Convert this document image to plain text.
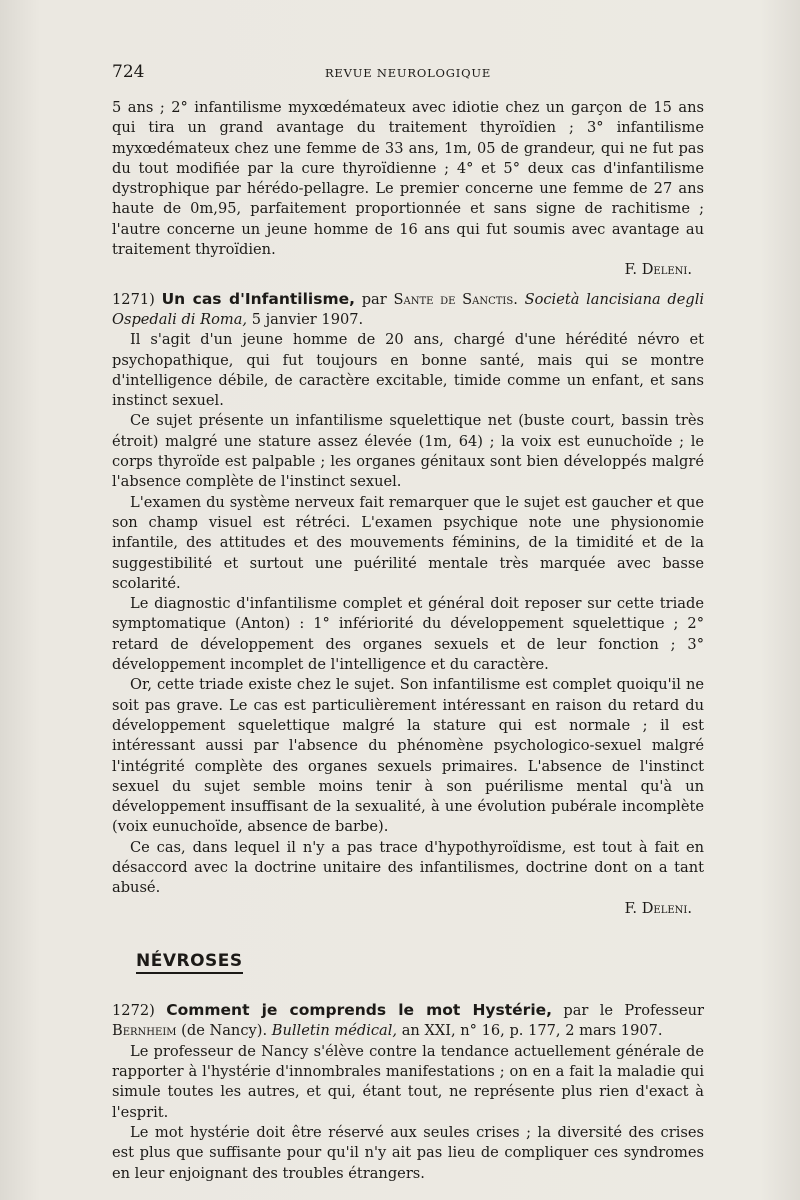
724	REVUE NEUROLOGIQUE

5 ans ; 2° infantilisme myxœdémateux avec idiotie chez un garçon de 15 ans qui tira un grand avantage du traitement thyroïdien ; 3° infantilisme myxœdémateux chez une femme de 33 ans, 1m, 05 de grandeur, qui ne fut pas du tout modifiée par la cure thyroïdienne ; 4° et 5° deux cas d'infantilisme dystrophique par hérédo-pellagre. Le premier concerne une femme de 27 ans haute de 0m,95, parfaitement proportionnée et sans signe de rachitisme ; l'autre concerne un jeune homme de 16 ans qui fut soumis avec avantage au traitement thyroïdien.

F. Deleni.

1271) Un cas d'Infantilisme, par Sante de Sanctis. Società lancisiana degli Ospedali di Roma, 5 janvier 1907.

Il s'agit d'un jeune homme de 20 ans, chargé d'une hérédité névro et psychopathique, qui fut toujours en bonne santé, mais qui se montre d'intelligence débile, de caractère excitable, timide comme un enfant, et sans instinct sexuel.

Ce sujet présente un infantilisme squelettique net (buste court, bassin très étroit) malgré une stature assez élevée (1m, 64) ; la voix est eunuchoïde ; le corps thyroïde est palpable ; les organes génitaux sont bien développés malgré l'absence complète de l'instinct sexuel.

L'examen du système nerveux fait remarquer que le sujet est gaucher et que son champ visuel est rétréci. L'examen psychique note une physionomie infantile, des attitudes et des mouvements féminins, de la timidité et de la suggestibilité et surtout une puérilité mentale très marquée avec basse scolarité.

Le diagnostic d'infantilisme complet et général doit reposer sur cette triade symptomatique (Anton) : 1° infériorité du développement squelettique ; 2° retard de développement des organes sexuels et de leur fonction ; 3° développement incomplet de l'intelligence et du caractère.

Or, cette triade existe chez le sujet. Son infantilisme est complet quoiqu'il ne soit pas grave. Le cas est particulièrement intéressant en raison du retard du développement squelettique malgré la stature qui est normale ; il est intéressant aussi par l'absence du phénomène psychologico-sexuel malgré l'intégrité complète des organes sexuels primaires. L'absence de l'instinct sexuel du sujet semble moins tenir à son puérilisme mental qu'à un développement insuffisant de la sexualité, à une évolution pubérale incomplète (voix eunuchoïde, absence de barbe).

Ce cas, dans lequel il n'y a pas trace d'hypothyroïdisme, est tout à fait en désaccord avec la doctrine unitaire des infantilismes, doctrine dont on a tant abusé.

F. Deleni.

NÉVROSES

1272) Comment je comprends le mot Hystérie, par le Professeur Bernheim (de Nancy). Bulletin médical, an XXI, n° 16, p. 177, 2 mars 1907.

Le professeur de Nancy s'élève contre la tendance actuellement générale de rapporter à l'hystérie d'innombrales manifestations ; on en a fait la maladie qui simule toutes les autres, et qui, étant tout, ne représente plus rien d'exact à l'esprit.

Le mot hystérie doit être réservé aux seules crises ; la diversité des crises est plus que suffisante pour qu'il n'y ait pas lieu de compliquer ces syndromes en leur enjoignant des troubles étrangers.
